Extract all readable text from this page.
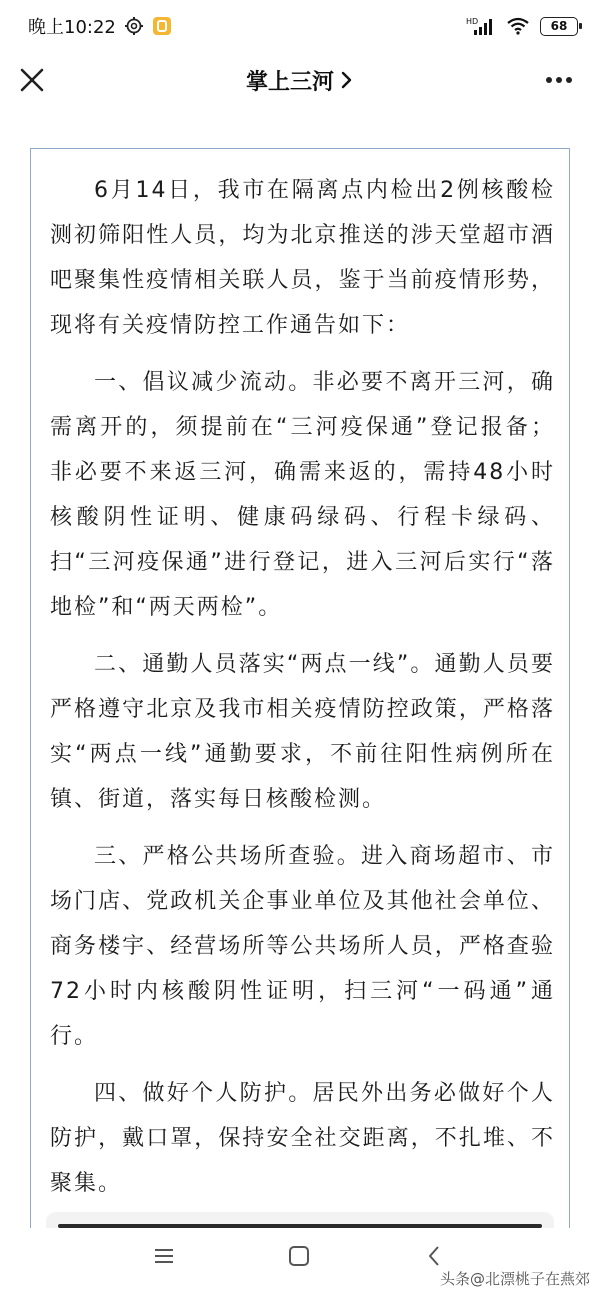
晚上10:22	HD	68
掌上三河

6月14日，我市在隔离点内检出2例核酸检测初筛阳性人员，均为北京推送的涉天堂超市酒吧聚集性疫情相关联人员，鉴于当前疫情形势，现将有关疫情防控工作通告如下：

一、倡议减少流动。非必要不离开三河，确需离开的，须提前在“三河疫保通”登记报备；非必要不来返三河，确需来返的，需持48小时核酸阴性证明、健康码绿码、行程卡绿码、扫“三河疫保通”进行登记，进入三河后实行“落地检”和“两天两检”。

二、通勤人员落实“两点一线”。通勤人员要严格遵守北京及我市相关疫情防控政策，严格落实“两点一线”通勤要求，不前往阳性病例所在镇、街道，落实每日核酸检测。

三、严格公共场所查验。进入商场超市、市场门店、党政机关企事业单位及其他社会单位、商务楼宇、经营场所等公共场所人员，严格查验72小时内核酸阴性证明，扫三河“一码通”通行。

四、做好个人防护。居民外出务必做好个人防护，戴口罩，保持安全社交距离，不扎堆、不聚集。

头条@北漂桃子在燕郊
